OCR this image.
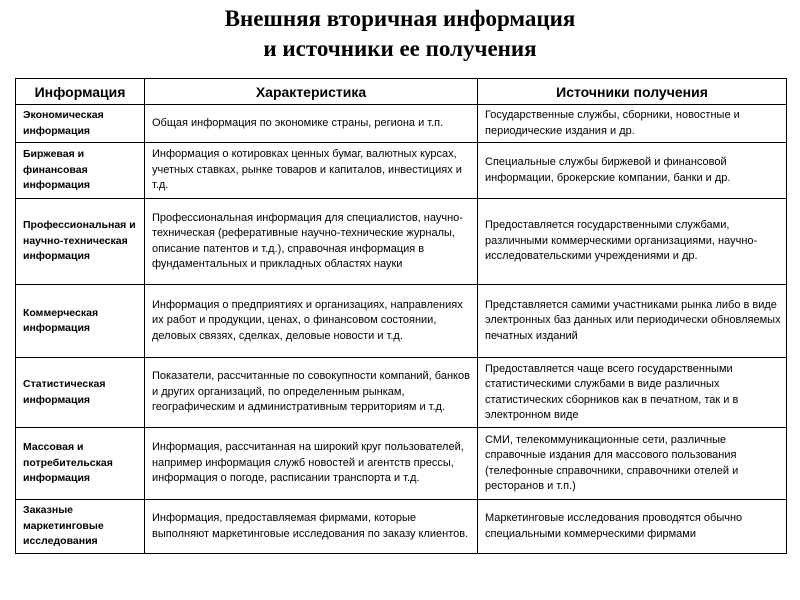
Внешняя вторичная информация
и источники ее получения
Информация	Характеристика	Источники получения
Экономическая информация	Общая информация по экономике страны, региона и т.п.	Государственные службы, сборники, новостные и периодические издания и др.
Биржевая и финансовая информация	Информация о котировках ценных бумаг, валютных курсах, учетных ставках, рынке товаров и капиталов, инвестициях и т.д.	Специальные службы биржевой и финансовой информации, брокерские компании, банки и др.
Профессиональная и научно-техническая информация	Профессиональная информация для специалистов, научно-техническая (реферативные научно-технические журналы, описание патентов и т.д.), справочная информация в фундаментальных и прикладных областях науки	Предоставляется государственными службами, различными коммерческими организациями, научно-исследовательскими учреждениями и др.
Коммерческая информация	Информация о предприятиях и организациях, направлениях их работ и продукции, ценах, о финансовом состоянии, деловых связях, сделках, деловые новости и т.д.	Представляется самими участниками рынка либо в виде электронных баз данных или периодически обновляемых печатных изданий
Статистическая информация	Показатели, рассчитанные по совокупности компаний, банков и других организаций, по определенным рынкам, географическим и административным территориям и т.д.	Предоставляется чаще всего государственными статистическими службами в виде различных статистических сборников как в печатном, так и в электронном виде
Массовая и потребительская информация	Информация, рассчитанная на широкий круг пользователей, например информация служб новостей и агентств прессы, информация о погоде, расписании транспорта и т.д.	СМИ, телекоммуникационные сети, различные справочные издания для массового пользования (телефонные справочники, справочники отелей и ресторанов и т.п.)
Заказные маркетинговые исследования	Информация, предоставляемая фирмами, которые выполняют маркетинговые исследования по заказу клиентов.	Маркетинговые исследования проводятся обычно специальными коммерческими фирмами
